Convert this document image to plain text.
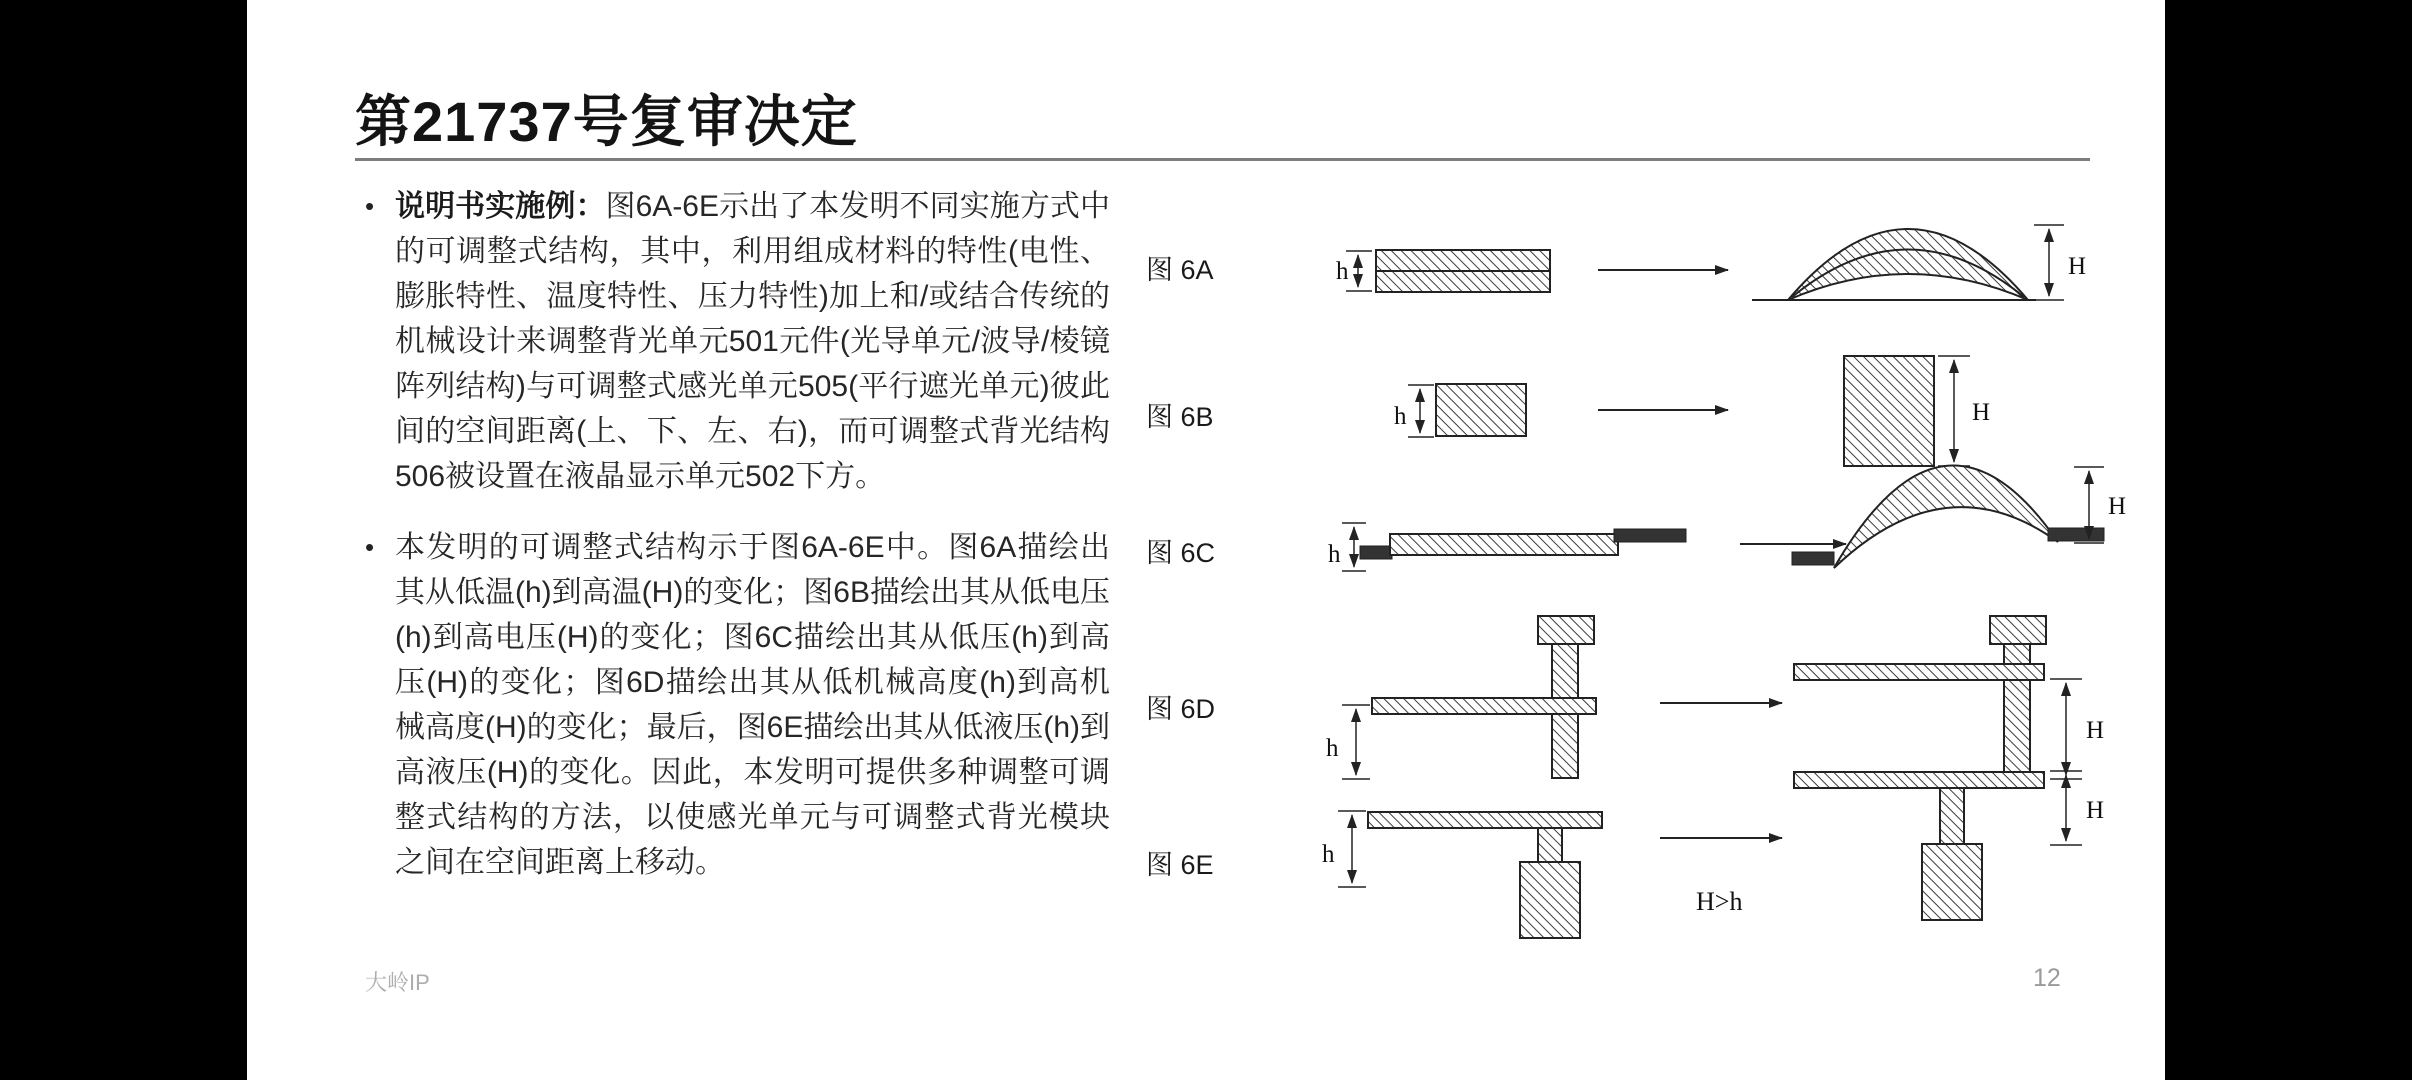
第21737号复审决定
• 说明书实施例：图6A-6E示出了本发明不同实施方式中的可调整式结构，其中，利用组成材料的特性(电性、膨胀特性、温度特性、压力特性)加上和/或结合传统的机械设计来调整背光单元501元件(光导单元/波导/棱镜阵列结构)与可调整式感光单元505(平行遮光单元)彼此间的空间距离(上、下、左、右)，而可调整式背光结构506被设置在液晶显示单元502下方。

• 本发明的可调整式结构示于图6A-6E中。图6A描绘出其从低温(h)到高温(H)的变化；图6B描绘出其从低电压(h)到高电压(H)的变化；图6C描绘出其从低压(h)到高压(H)的变化；图6D描绘出其从低机械高度(h)到高机械高度(H)的变化；最后，图6E描绘出其从低液压(h)到高液压(H)的变化。因此，本发明可提供多种调整可调整式结构的方法，以使感光单元与可调整式背光模块之间在空间距离上移动。

图 6A	h	H
图 6B	h	H
图 6C	h
H
图 6D
h
H
图 6E	h
H>h
H
大岭IP	12
